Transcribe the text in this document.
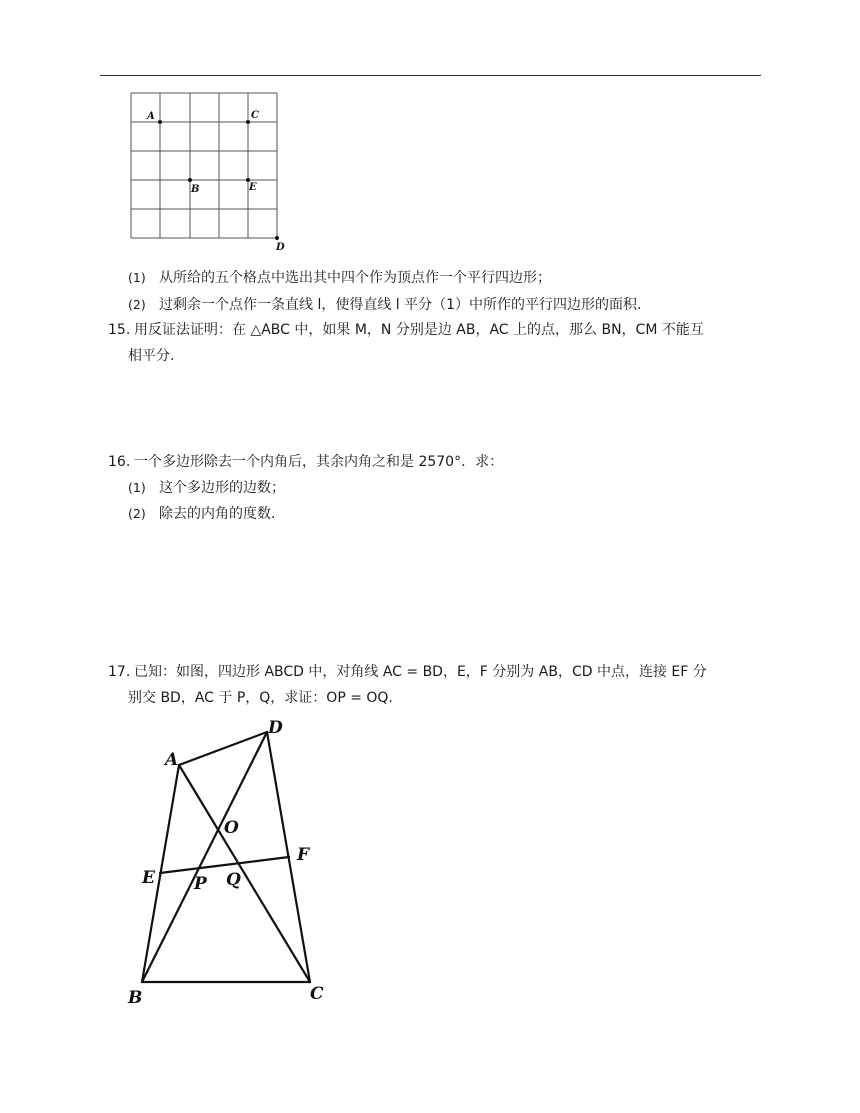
A	C
B	E
D
(1) 从所给的五个格点中选出其中四个作为顶点作一个平行四边形；
(2) 过剩余一个点作一条直线 l，使得直线 l 平分（1）中所作的平行四边形的面积.
15. 用反证法证明：在 △ABC 中，如果 M，N 分别是边 AB，AC 上的点，那么 BN，CM 不能互
相平分.
16. 一个多边形除去一个内角后，其余内角之和是 2570°．求：
(1) 这个多边形的边数；
(2) 除去的内角的度数.
17. 已知：如图，四边形 ABCD 中，对角线 AC = BD，E，F 分别为 AB，CD 中点，连接 EF 分
别交 BD，AC 于 P，Q，求证：OP = OQ.
A
D
O
F
E P Q
B	C
